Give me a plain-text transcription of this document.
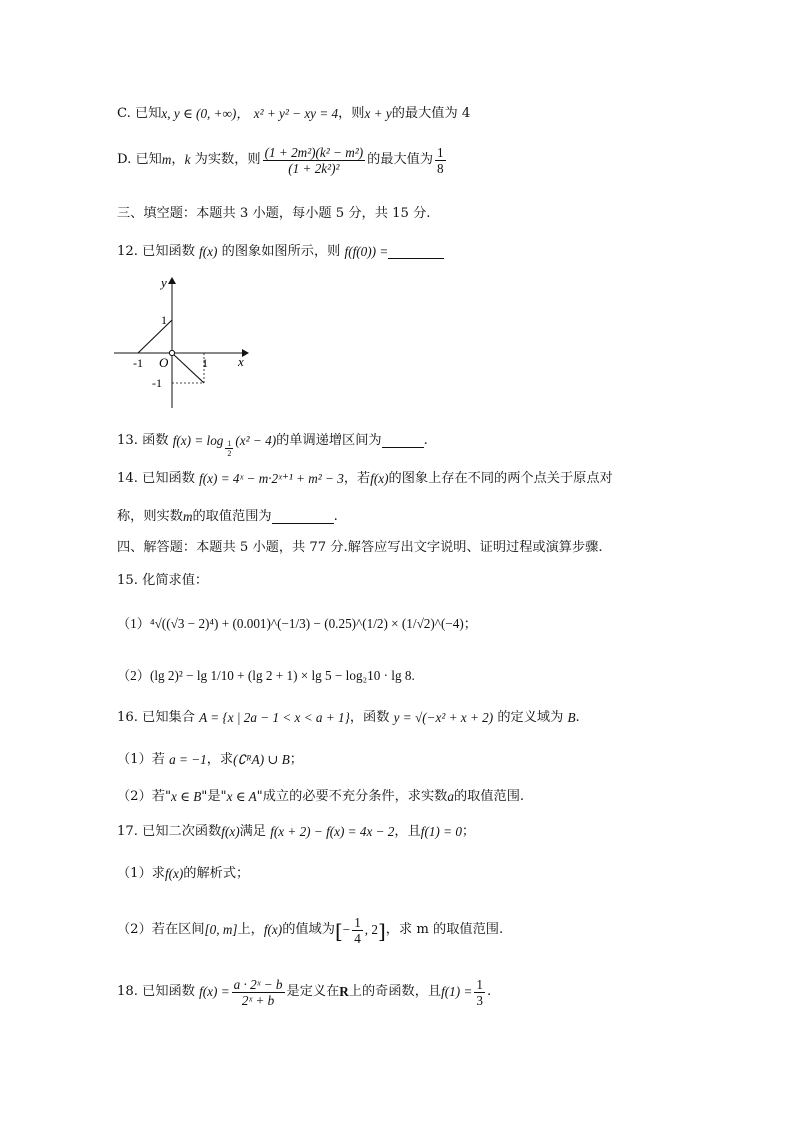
C. 已知 x, y ∈ (0, +∞)，
x² + y² − xy = 4 ，则 x + y 的最大值为 4
D. 已知 m ， k
为实数，则 $\frac{\text{(1 + 2m²)(k² − m²)}}{\text{(1 + 2k²)²}}$ 的最大值为 $\frac{1}{8}$
三、填空题：本题共 3 小题，每小题 5 分，共 15 分.
12. 已知函数
f(x)
的图象如图所示，则
f(f(0)) =
y
x
O
1
-1
-1	1
13. 函数
$f(x) = \log \frac{1}{2} (x^2 - 4)$ 的单调递增区间为	.
14. 已知函数
f(x) = 4ˣ − m·2ˣ⁺¹ + m² − 3 ，若 f(x) 的图象上存在不同的两个点关于原点对
称，则实数 m 的取值范围为	.
四、解答题：本题共 5 小题，共 77 分.解答应写出文字说明、证明过程或演算步骤.
15. 化简求值：
（1） ⁴√((√3 − 2)⁴) + (0.001)^(−1/3) − (0.25)^(1/2) × (1/√2)^(−4) ；
（2） (lg 2)² − lg 1/10 + (lg 2 + 1) × lg 5 − log₂10 · lg 8 .
16. 已知集合
A = {x | 2a − 1 < x < a + 1} ，函数
y = √(−x² + x + 2)
的定义域为
B .
（1）若
a = −1 ，求 (∁ᴿA) ∪ B ；
（2）若" x ∈ B "是" x ∈ A "成立的必要不充分条件，求实数 a 的取值范围.
17. 已知二次函数 f(x) 满足
f(x + 2) − f(x) = 4x − 2 ，且 f(1) = 0 ；
（1）求 f(x) 的解析式；
（2）若在区间 [0, m] 上， f(x) 的值域为 [ − $\frac{1}{4}$ , 2 ] ，求 m 的取值范围.
18. 已知函数
$f(x) = \frac{\text{a · 2ˣ − b}}{\text{2ˣ + b}}$ 是定义在 R 上的奇函数，且 $f(1) = \frac{1}{3}$ .
